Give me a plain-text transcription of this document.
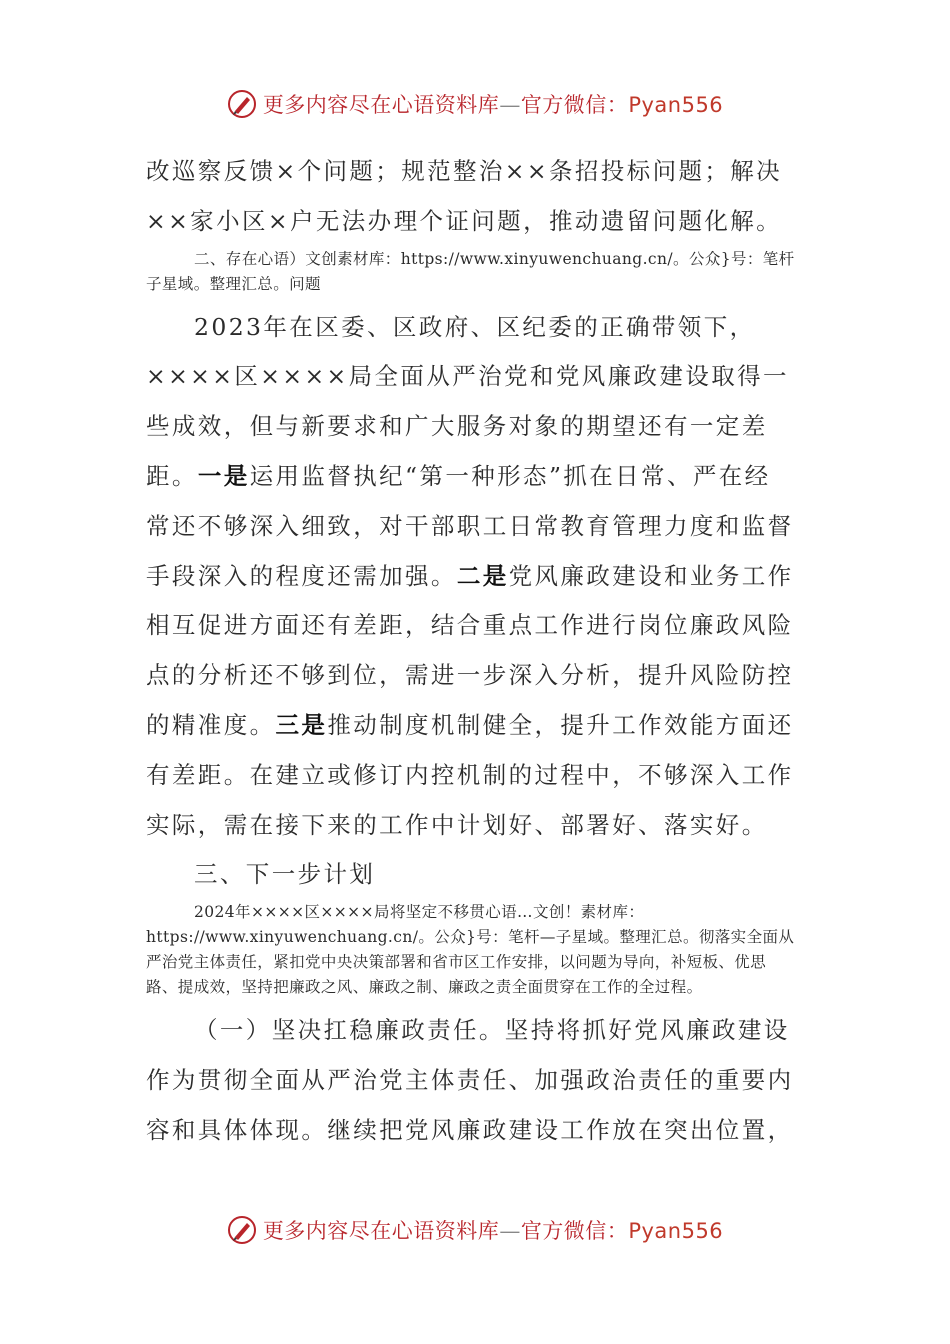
更多内容尽在心语资料库—官方微信：Pyan556

改巡察反馈×个问题；规范整治××条招投标问题；解决××家小区×户无法办理个证问题，推动遗留问题化解。

二、存在心语）文创素材库：https://www.xinyuwenchuang.cn/。公众}号：笔杆子星域。整理汇总。问题

2023年在区委、区政府、区纪委的正确带领下，××××区××××局全面从严治党和党风廉政建设取得一些成效，但与新要求和广大服务对象的期望还有一定差距。一是运用监督执纪“第一种形态”抓在日常、严在经常还不够深入细致，对干部职工日常教育管理力度和监督手段深入的程度还需加强。二是党风廉政建设和业务工作相互促进方面还有差距，结合重点工作进行岗位廉政风险点的分析还不够到位，需进一步深入分析，提升风险防控的精准度。三是推动制度机制健全，提升工作效能方面还有差距。在建立或修订内控机制的过程中，不够深入工作实际，需在接下来的工作中计划好、部署好、落实好。

三、下一步计划

2024年××××区××××局将坚定不移贯心语…文创！素材库：https://www.xinyuwenchuang.cn/。公众}号：笔杆—子星域。整理汇总。彻落实全面从严治党主体责任，紧扣党中央决策部署和省市区工作安排，以问题为导向，补短板、优思路、提成效，坚持把廉政之风、廉政之制、廉政之责全面贯穿在工作的全过程。

（一）坚决扛稳廉政责任。坚持将抓好党风廉政建设作为贯彻全面从严治党主体责任、加强政治责任的重要内容和具体体现。继续把党风廉政建设工作放在突出位置，

更多内容尽在心语资料库—官方微信：Pyan556
